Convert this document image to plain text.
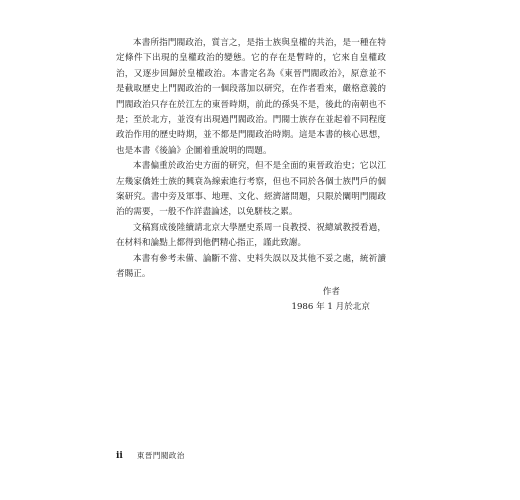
本書所指門閥政治，質言之，是指士族與皇權的共治，是一種在特定條件下出現的皇權政治的變態。它的存在是暫時的，它來自皇權政治，又逐步回歸於皇權政治。本書定名為《東晉門閥政治》，原意並不是截取歷史上門閥政治的一個段落加以研究，在作者看來，嚴格意義的門閥政治只存在於江左的東晉時期，前此的孫吳不是，後此的南朝也不是；至於北方，並沒有出現過門閥政治。門閥士族存在並起着不同程度政治作用的歷史時期，並不都是門閥政治時期。這是本書的核心思想，也是本書《後論》企圖着重說明的問題。

本書偏重於政治史方面的研究，但不是全面的東晉政治史；它以江左幾家僑姓士族的興衰為線索進行考察，但也不同於各個士族門戶的個案研究。書中旁及軍事、地理、文化、經濟諸問題，只限於闡明門閥政治的需要，一般不作詳盡論述，以免駢枝之累。

文稿寫成後陸續請北京大學歷史系周一良教授、祝總斌教授看過，在材料和論點上都得到他們精心指正，謹此致謝。

本書有參考未備、論斷不當、史料失誤以及其他不妥之處，統祈讀者賜正。

作者
1986 年 1 月於北京
ii 東晉門閥政治
